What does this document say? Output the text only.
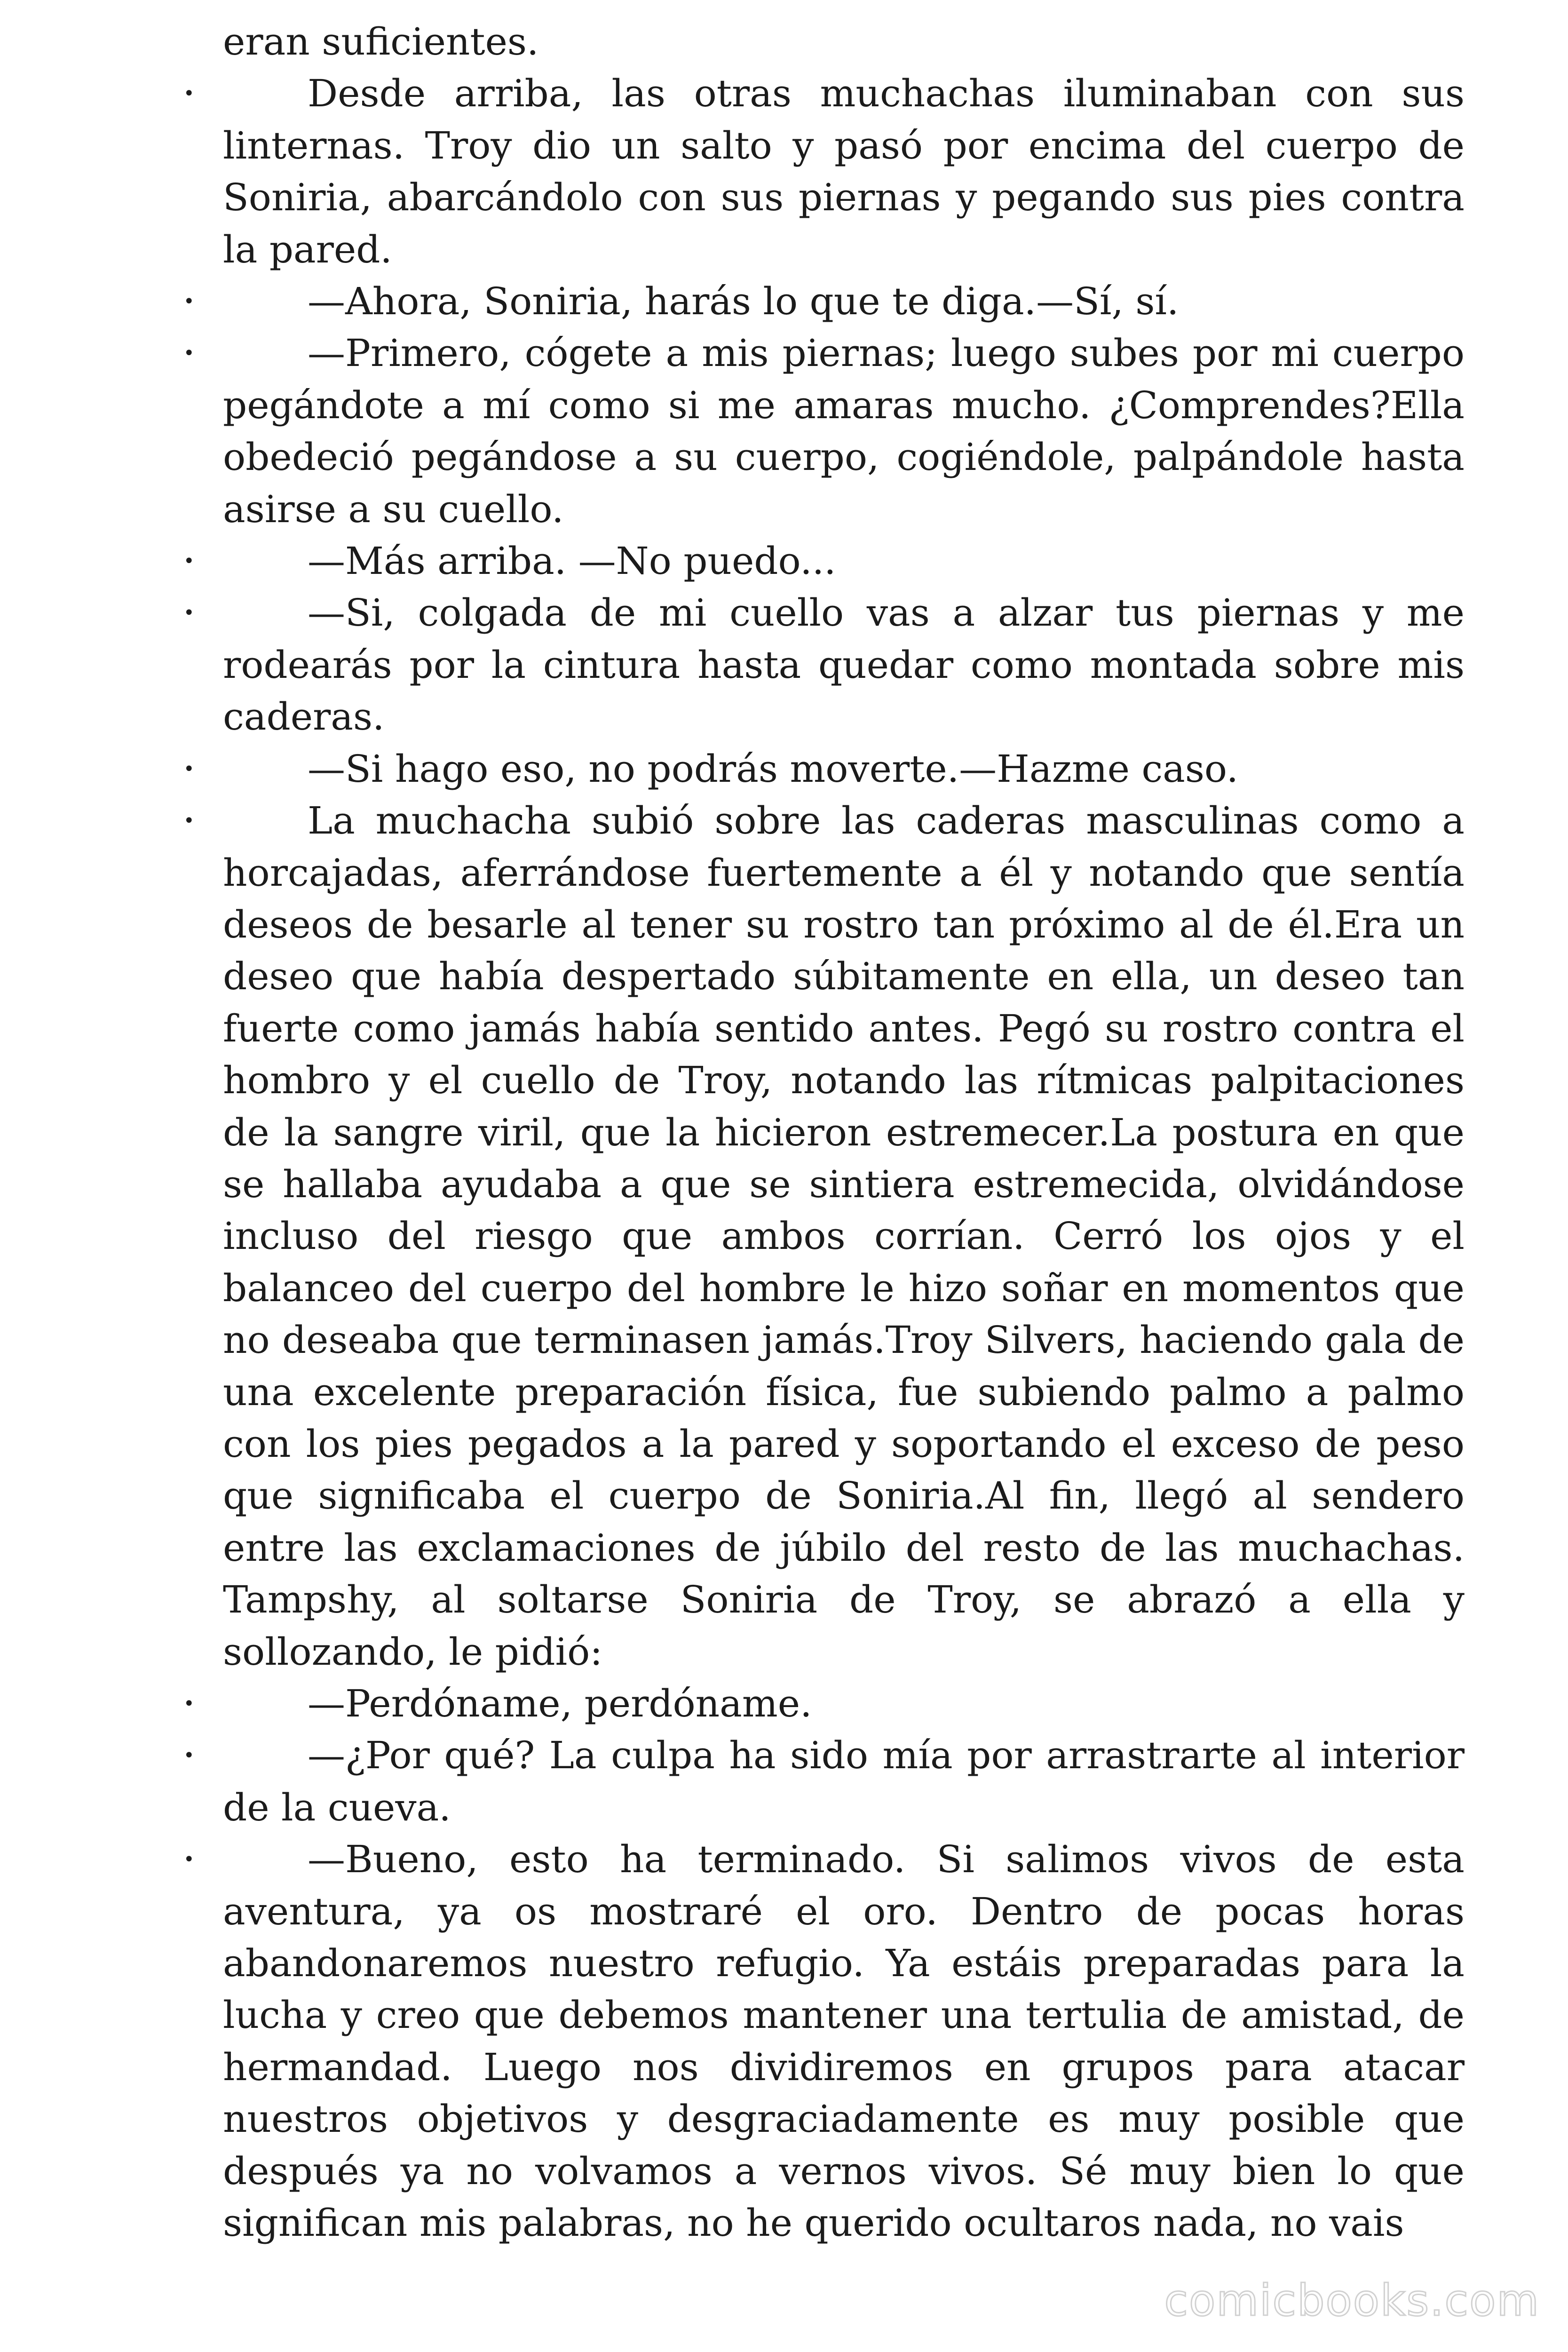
eran suficientes.

•	Desde arriba, las otras muchachas iluminaban con sus linternas. Troy dio un salto y pasó por encima del cuerpo de Soniria, abarcándolo con sus piernas y pegando sus pies contra la pared.

•	—Ahora, Soniria, harás lo que te diga.—Sí, sí.

•	—Primero, cógete a mis piernas; luego subes por mi cuerpo pegándote a mí como si me amaras mucho. ¿Comprendes?Ella obedeció pegándose a su cuerpo, cogiéndole, palpándole hasta asirse a su cuello.

•	—Más arriba. —No puedo...

•	—Si, colgada de mi cuello vas a alzar tus piernas y me rodearás por la cintura hasta quedar como montada sobre mis caderas.

•	—Si hago eso, no podrás moverte.—Hazme caso.

•	La muchacha subió sobre las caderas masculinas como a horcajadas, aferrándose fuertemente a él y notando que sentía deseos de besarle al tener su rostro tan próximo al de él.Era un deseo que había despertado súbitamente en ella, un deseo tan fuerte como jamás había sentido antes. Pegó su rostro contra el hombro y el cuello de Troy, notando las rítmicas palpitaciones de la sangre viril, que la hicieron estremecer.La postura en que se hallaba ayudaba a que se sintiera estremecida, olvidándose incluso del riesgo que ambos corrían. Cerró los ojos y el balanceo del cuerpo del hombre le hizo soñar en momentos que no deseaba que terminasen jamás.Troy Silvers, haciendo gala de una excelente preparación física, fue subiendo palmo a palmo con los pies pegados a la pared y soportando el exceso de peso que significaba el cuerpo de Soniria.Al fin, llegó al sendero entre las exclamaciones de júbilo del resto de las muchachas. Tampshy, al soltarse Soniria de Troy, se abrazó a ella y sollozando, le pidió:

•	—Perdóname, perdóname.

•	—¿Por qué? La culpa ha sido mía por arrastrarte al interior de la cueva.

•	—Bueno, esto ha terminado. Si salimos vivos de esta aventura, ya os mostraré el oro. Dentro de pocas horas abandonaremos nuestro refugio. Ya estáis preparadas para la lucha y creo que debemos mantener una tertulia de amistad, de hermandad. Luego nos dividiremos en grupos para atacar nuestros objetivos y desgraciadamente es muy posible que después ya no volvamos a vernos vivos. Sé muy bien lo que significan mis palabras, no he querido ocultaros nada, no vais

comicbooks.com
